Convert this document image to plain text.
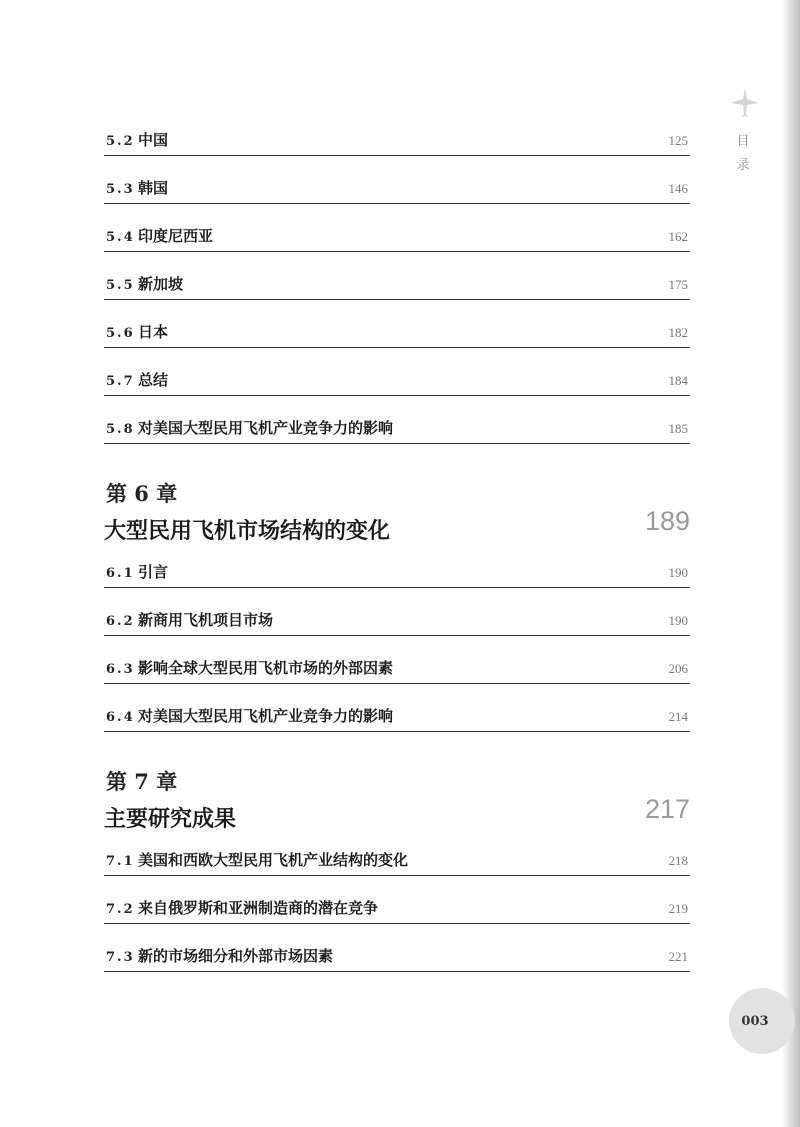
目录
5.2 中国	125
5.3 韩国	146
5.4 印度尼西亚	162
5.5 新加坡	175
5.6 日本	182
5.7 总结	184
5.8 对美国大型民用飞机产业竞争力的影响	185
第 6 章
大型民用飞机市场结构的变化	189
6.1 引言	190
6.2 新商用飞机项目市场	190
6.3 影响全球大型民用飞机市场的外部因素	206
6.4 对美国大型民用飞机产业竞争力的影响	214
第 7 章
主要研究成果	217
7.1 美国和西欧大型民用飞机产业结构的变化	218
7.2 来自俄罗斯和亚洲制造商的潜在竞争	219
7.3 新的市场细分和外部市场因素	221
003
